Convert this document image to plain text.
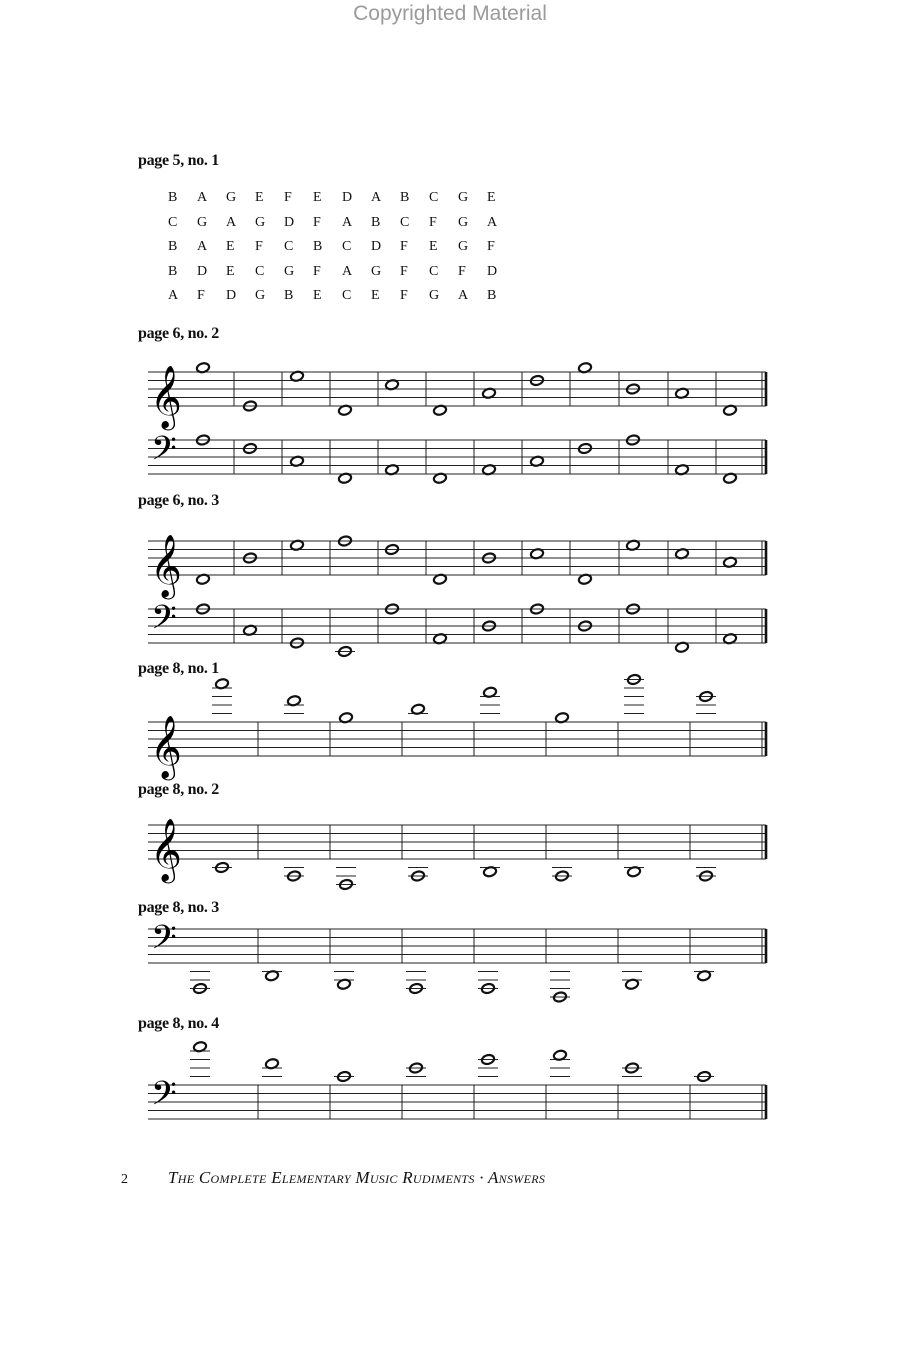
Copyrighted Material
page 5, no. 1
page 6, no. 2
page 6, no. 3
page 8, no. 1
page 8, no. 2
page 8, no. 3
page 8, no. 4
B	A	G	E	F	E	D	A	B	C	G	E
C	G	A	G	D	F	A	B	C	F	G	A
B	A	E	F	C	B	C	D	F	E	G	F
B	D	E	C	G	F	A	G	F	C	F	D
A	F	D	G	B	E	C	E	F	G	A	B
𝄞
𝄢
𝄞
𝄢
𝄞
𝄞
𝄢
𝄢
2 The Complete Elementary Music Rudiments · Answers
